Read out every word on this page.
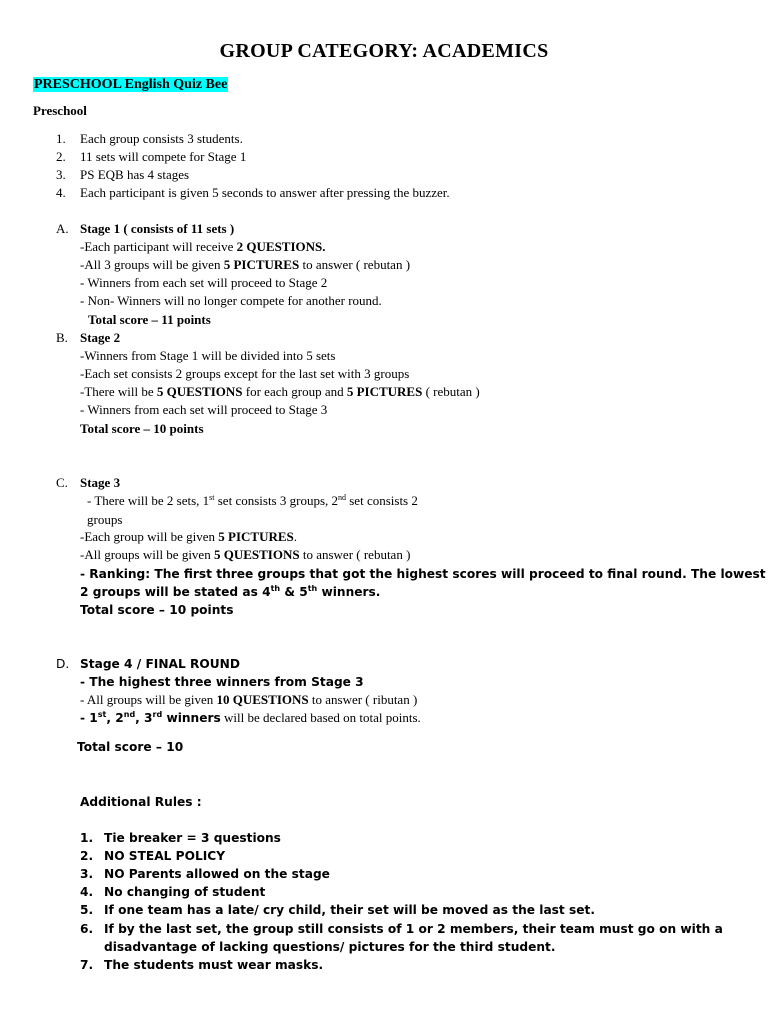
GROUP CATEGORY: ACADEMICS
PRESCHOOL English Quiz Bee
Preschool
1. Each group consists 3 students.
2. 11 sets will compete for Stage 1
3. PS EQB has 4 stages
4. Each participant is given 5 seconds to answer after pressing the buzzer.
A. Stage 1 ( consists of 11 sets )
-Each participant will receive 2 QUESTIONS.
-All 3 groups will be given 5 PICTURES to answer ( rebutan )
- Winners from each set will proceed to Stage 2
- Non- Winners will no longer compete for another round.
Total score – 11 points
B. Stage 2
-Winners from Stage 1 will be divided into 5 sets
-Each set consists 2 groups except for the last set with 3 groups
-There will be 5 QUESTIONS for each group and 5 PICTURES ( rebutan )
- Winners from each set will proceed to Stage 3
Total score – 10 points
C. Stage 3
- There will be 2 sets, 1st set consists 3 groups, 2nd set consists 2
groups
-Each group will be given 5 PICTURES.
-All groups will be given 5 QUESTIONS to answer ( rebutan )
- Ranking: The first three groups that got the highest scores will proceed to final round. The lowest
2 groups will be stated as 4th & 5th winners.
Total score – 10 points
D. Stage 4 / FINAL ROUND
- The highest three winners from Stage 3
- All groups will be given 10 QUESTIONS to answer ( ributan )
- 1st, 2nd, 3rd winners will be declared based on total points.
Total score – 10
Additional Rules :
1. Tie breaker = 3 questions
2. NO STEAL POLICY
3. NO Parents allowed on the stage
4. No changing of student
5. If one team has a late/ cry child, their set will be moved as the last set.
6. If by the last set, the group still consists of 1 or 2 members, their team must go on with a
disadvantage of lacking questions/ pictures for the third student.
7. The students must wear masks.
